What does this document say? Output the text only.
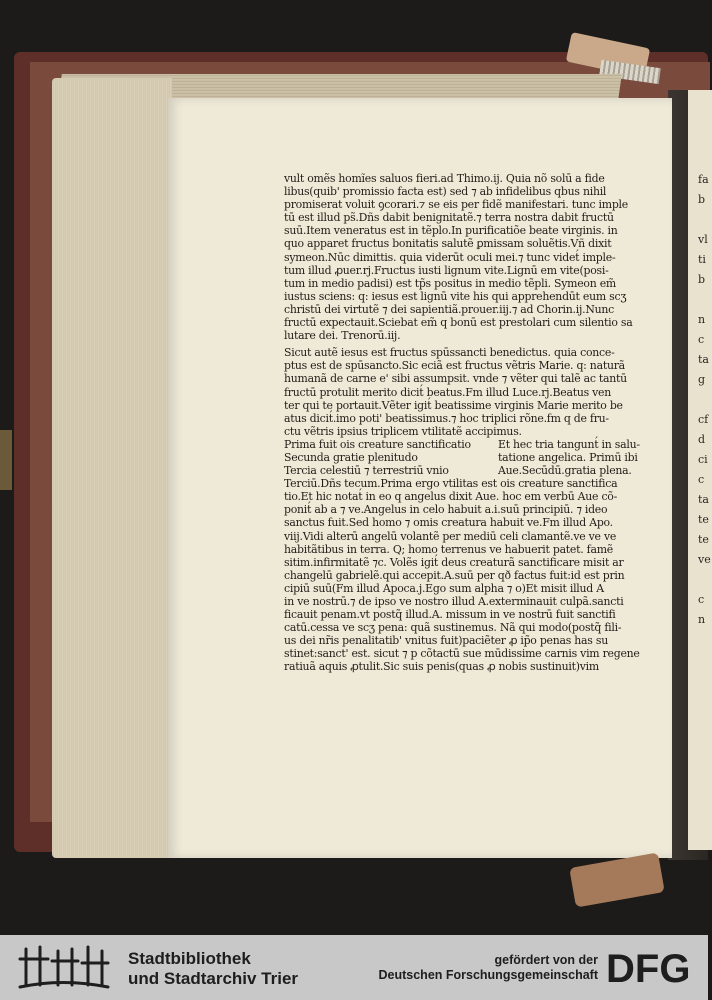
fa
b

vl
ti
b

n
c
ta
g

cf
d
ci
c
ta
te
te
ve

c
n
vult omẽs homĩes saluos fieri.ad Thimo.ij. Quia nõ solū a fide
libus(quib' promissio facta est) sed ⁊ ab infidelibus qbus nihil
promiserat voluit ꝯcorari.⁊ se eis per fidẽ manifestari. tunc imple
tū est illud ps̃.Dñs dabit benignitatẽ.⁊ terra nostra dabit fructū
suū.Item veneratus est in tẽplo.In purificatiõe beate virginis. in
quo apparet fructus bonitatis salutẽ ꝑmissam soluẽtis.Vñ dixit
symeon.Nūc dimittis. quia viderūt oculi mei.⁊ tunc videt́ imple-
tum illud ꝓuer.rj.Fructus iusti lignum vite.Lignū em vite(posi-
tum in medio padisi) est tp̃s positus in medio tẽpli. Symeon em̃
iustus sciens: q: iesus est lignū vite his qui apprehendūt eum scʒ
christū dei virtutẽ ⁊ dei sapientiã.prouer.iij.⁊ ad Chorin.ij.Nunc
fructū expectauit.Sciebat em̃ q bonū est prestolari cum silentio sa
lutare dei. Trenorū.iij.
Sicut autẽ iesus est fructus spūssancti benedictus. quia conce-
ptus est de spūsancto.Sic eciã est fructus vẽtris Marie. q: naturã
humanã de carne e' sibi assumpsit. vnde ⁊ vẽter qui talẽ ac tantū
fructū protulit merito dicit́ beatus.Fm illud Luce.rj.Beatus ven
ter qui te portauit.Vẽter igit́ beatissime virginis Marie merito be
atus dicit́.imo poti' beatissimus.⁊ hoc triplici rõne.fm q de fru-
ctu vẽtris ipsius triplicem vtilitatẽ accipimus.
Prima fuit ois creature sanctificatio	Et hec tria tangunt́ in salu-
Secunda gratie plenitudo	tatione angelica. Primū ibi
Tercia celestiū ⁊ terrestriū vnio	Aue.Secūdū.gratia plena.
Terciū.Dñs tecum.Prima ergo vtilitas est ois creature sanctifica
tio.Et hic notat́ in eo q angelus dixit Aue. hoc em verbū Aue cõ-
ponit́ ab a ⁊ ve.Angelus in celo habuit a.i.suū principiū. ⁊ ideo
sanctus fuit.Sed homo ⁊ omis creatura habuit ve.Fm illud Apo.
viij.Vidi alterū angelū volantẽ per mediū celi clamantẽ.ve ve ve
habitãtibus in terra. Q; homo terrenus ve habuerit patet. famẽ
sitim.infirmitatẽ ⁊c. Volẽs igit́ deus creaturã sanctificare misit ar
changelū gabrielẽ.qui accepit.A.suū per qð factus fuit:id est prin
cipiū suū(Fm illud Apoca.j.Ego sum alpha ⁊ o)Et misit illud A
in ve nostrū.⁊ de ipso ve nostro illud A.exterminauit culpã.sancti
ficauit penam.vt postq̃ illud.A. missum in ve nostrū fuit sanctifi
catū.cessa ve scʒ pena: quã sustinemus. Nã qui modo(postq̃ fili-
us dei nr̃is penalitatib' vnitus fuit)paciẽter ꝓ ip̃o penas has su
stinet:sanct' est. sicut ⁊ p cõtactū sue mūdissime carnis vim regene
ratiuã aquis ꝓtulit.Sic suis penis(quas ꝓ nobis sustinuit)vim
Stadtbibliothek
und Stadtarchiv Trier
gefördert von der
Deutschen Forschungsgemeinschaft DFG
